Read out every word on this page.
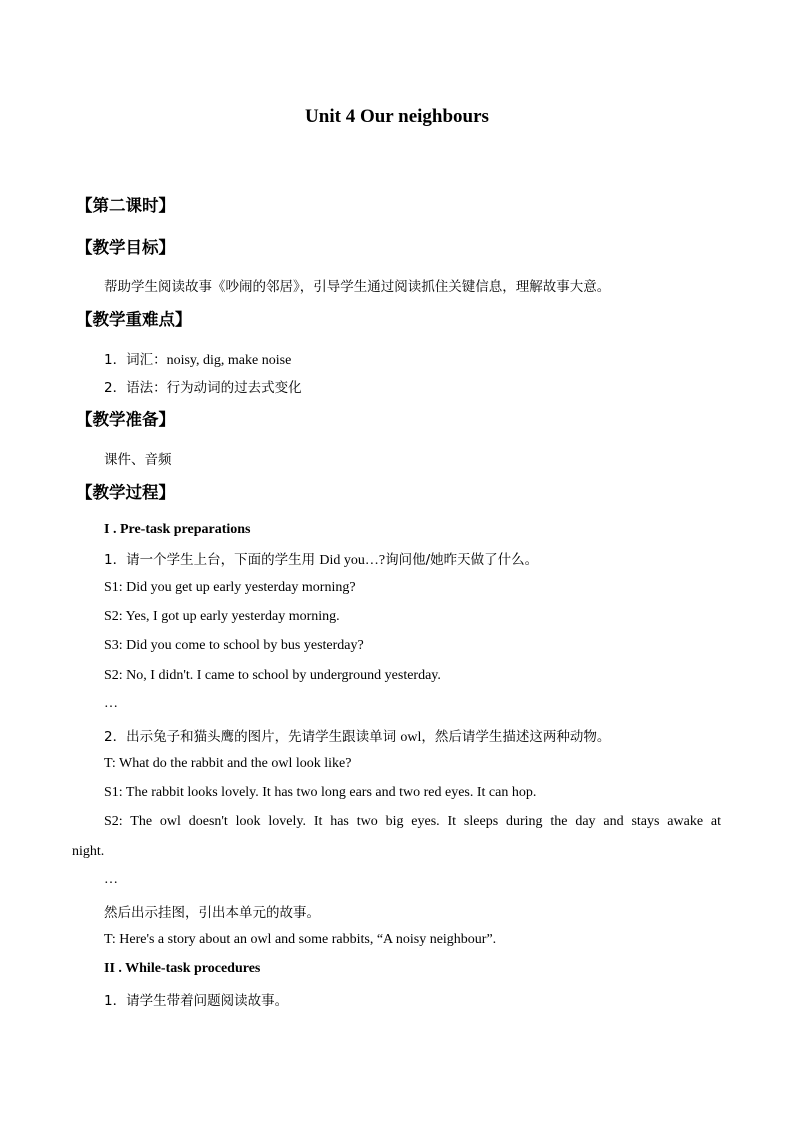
Unit 4 Our neighbours
【第二课时】
【教学目标】
帮助学生阅读故事《吵闹的邻居》，引导学生通过阅读抓住关键信息，理解故事大意。
【教学重难点】
1．词汇：noisy, dig, make noise
2．语法：行为动词的过去式变化
【教学准备】
课件、音频
【教学过程】
I . Pre-task preparations
1．请一个学生上台，下面的学生用 Did you…?询问他/她昨天做了什么。
S1: Did you get up early yesterday morning?
S2: Yes, I got up early yesterday morning.
S3: Did you come to school by bus yesterday?
S2: No, I didn't. I came to school by underground yesterday.
…
2．出示兔子和猫头鹰的图片，先请学生跟读单词 owl，然后请学生描述这两种动物。
T: What do the rabbit and the owl look like?
S1: The rabbit looks lovely. It has two long ears and two red eyes. It can hop.
S2: The owl doesn't look lovely. It has two big eyes. It sleeps during the day and stays awake at
night.
…
然后出示挂图，引出本单元的故事。
T: Here's a story about an owl and some rabbits, “A noisy neighbour”.
II . While-task procedures
1．请学生带着问题阅读故事。
